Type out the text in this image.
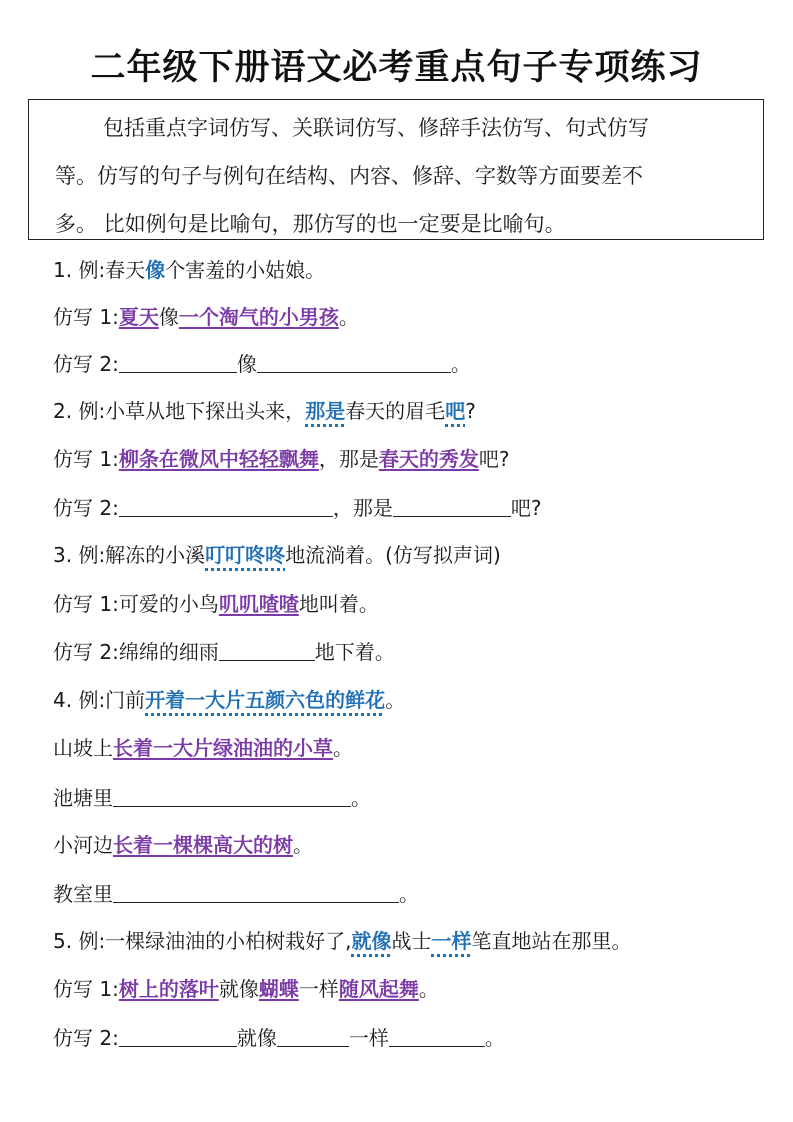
二年级下册语文必考重点句子专项练习

包括重点字词仿写、关联词仿写、修辞手法仿写、句式仿写

等。仿写的句子与例句在结构、内容、修辞、字数等方面要差不

多。 比如例句是比喻句，那仿写的也一定要是比喻句。

1. 例:春天像个害羞的小姑娘。
仿写 1:夏天像一个淘气的小男孩。
仿写 2:	像	。
2. 例:小草从地下探出头来，那是春天的眉毛吧?
仿写 1:柳条在微风中轻轻飘舞，那是春天的秀发吧?
仿写 2:	，那是	吧?
3. 例:解冻的小溪叮叮咚咚地流淌着。(仿写拟声词)
仿写 1:可爱的小鸟叽叽喳喳地叫着。
仿写 2:绵绵的细雨	地下着。
4. 例:门前开着一大片五颜六色的鲜花。
山坡上长着一大片绿油油的小草。
池塘里	。
小河边长着一棵棵高大的树。
教室里	。
5. 例:一棵绿油油的小柏树栽好了,就像战士一样笔直地站在那里。
仿写 1:树上的落叶就像蝴蝶一样随风起舞。
仿写 2:	就像	一样	。
